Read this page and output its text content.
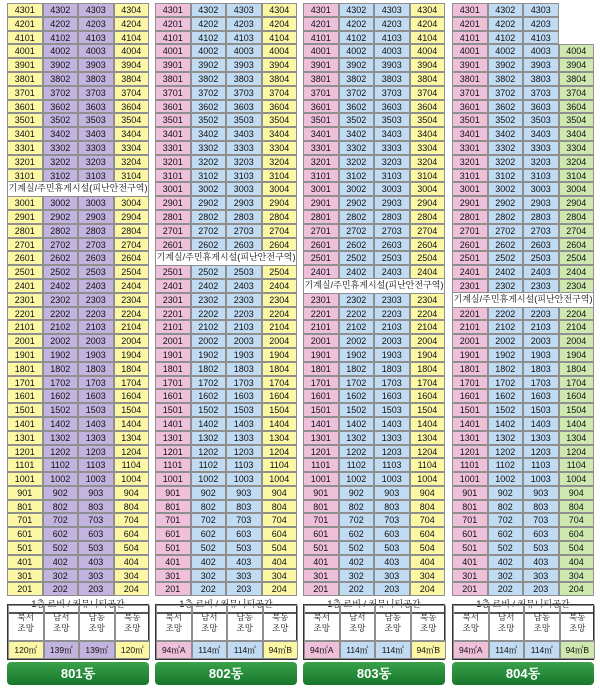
4301	4302	4303	4304
4201	4202	4203	4204
4101	4102	4103	4104
4001	4002	4003	4004
3901	3902	3903	3904
3801	3802	3803	3804
3701	3702	3703	3704
3601	3602	3603	3604
3501	3502	3503	3504
3401	3402	3403	3404
3301	3302	3303	3304
3201	3202	3203	3204
3101	3102	3103	3104
기계실/주민휴게시설(피난안전구역)
3001	3002	3003	3004
2901	2902	2903	2904
2801	2802	2803	2804
2701	2702	2703	2704
2601	2602	2603	2604
2501	2502	2503	2504
2401	2402	2403	2404
2301	2302	2303	2304
2201	2202	2203	2204
2101	2102	2103	2104
2001	2002	2003	2004
1901	1902	1903	1904
1801	1802	1803	1804
1701	1702	1703	1704
1601	1602	1603	1604
1501	1502	1503	1504
1401	1402	1403	1404
1301	1302	1303	1304
1201	1202	1203	1204
1101	1102	1103	1104
1001	1002	1003	1004
901	902	903	904
801	802	803	804
701	702	703	704
601	602	603	604
501	502	503	504
401	402	403	404
301	302	303	304
201	202	203	204
1층 로비 / 커뮤니티공간
4301	4302	4303	4304
4201	4202	4203	4204
4101	4102	4103	4104
4001	4002	4003	4004
3901	3902	3903	3904
3801	3802	3803	3804
3701	3702	3703	3704
3601	3602	3603	3604
3501	3502	3503	3504
3401	3402	3403	3404
3301	3302	3303	3304
3201	3202	3203	3204
3101	3102	3103	3104
3001	3002	3003	3004
2901	2902	2903	2904
2801	2802	2803	2804
2701	2702	2703	2704
2601	2602	2603	2604
기계실/주민휴게시설(피난안전구역)
2501	2502	2503	2504
2401	2402	2403	2404
2301	2302	2303	2304
2201	2202	2203	2204
2101	2102	2103	2104
2001	2002	2003	2004
1901	1902	1903	1904
1801	1802	1803	1804
1701	1702	1703	1704
1601	1602	1603	1604
1501	1502	1503	1504
1401	1402	1403	1404
1301	1302	1303	1304
1201	1202	1203	1204
1101	1102	1103	1104
1001	1002	1003	1004
901	902	903	904
801	802	803	804
701	702	703	704
601	602	603	604
501	502	503	504
401	402	403	404
301	302	303	304
201	202	203	204
1층 로비 / 커뮤니티공간
4301	4302	4303	4304
4201	4202	4203	4204
4101	4102	4103	4104
4001	4002	4003	4004
3901	3902	3903	3904
3801	3802	3803	3804
3701	3702	3703	3704
3601	3602	3603	3604
3501	3502	3503	3504
3401	3402	3403	3404
3301	3302	3303	3304
3201	3202	3203	3204
3101	3102	3103	3104
3001	3002	3003	3004
2901	2902	2903	2904
2801	2802	2803	2804
2701	2702	2703	2704
2601	2602	2603	2604
2501	2502	2503	2504
2401	2402	2403	2404
기계실/주민휴게시설(피난안전구역)
2301	2302	2303	2304
2201	2202	2203	2204
2101	2102	2103	2104
2001	2002	2003	2004
1901	1902	1903	1904
1801	1802	1803	1804
1701	1702	1703	1704
1601	1602	1603	1604
1501	1502	1503	1504
1401	1402	1403	1404
1301	1302	1303	1304
1201	1202	1203	1204
1101	1102	1103	1104
1001	1002	1003	1004
901	902	903	904
801	802	803	804
701	702	703	704
601	602	603	604
501	502	503	504
401	402	403	404
301	302	303	304
201	202	203	204
1층 로비 / 커뮤니티공간
4301	4302	4303
4201	4202	4203
4101	4102	4103
4001	4002	4003	4004
3901	3902	3903	3904
3801	3802	3803	3804
3701	3702	3703	3704
3601	3602	3603	3604
3501	3502	3503	3504
3401	3402	3403	3404
3301	3302	3303	3304
3201	3202	3203	3204
3101	3102	3103	3104
3001	3002	3003	3004
2901	2902	2903	2904
2801	2802	2803	2804
2701	2702	2703	2704
2601	2602	2603	2604
2501	2502	2503	2504
2401	2402	2403	2404
2301	2302	2303	2304
기계실/주민휴게시설(피난안전구역)
2201	2202	2203	2204
2101	2102	2103	2104
2001	2002	2003	2004
1901	1902	1903	1904
1801	1802	1803	1804
1701	1702	1703	1704
1601	1602	1603	1604
1501	1502	1503	1504
1401	1402	1403	1404
1301	1302	1303	1304
1201	1202	1203	1204
1101	1102	1103	1104
1001	1002	1003	1004
901	902	903	904
801	802	803	804
701	702	703	704
601	602	603	604
501	502	503	504
401	402	403	404
301	302	303	304
201	202	203	204
1층 로비 / 커뮤니티공간
북서
조망
남서
조망
남동
조망
북동
조망
120㎡	139㎡	139㎡	120㎡
북서
조망
남서
조망
남동
조망
북동
조망
94㎡A	114㎡	114㎡	94㎡B
북서
조망
남서
조망
남동
조망
북동
조망
94㎡A	114㎡	114㎡	94㎡B
북서
조망
남서
조망
남동
조망
북동
조망
94㎡A	114㎡	114㎡	94㎡B
801동	802동	803동	804동
